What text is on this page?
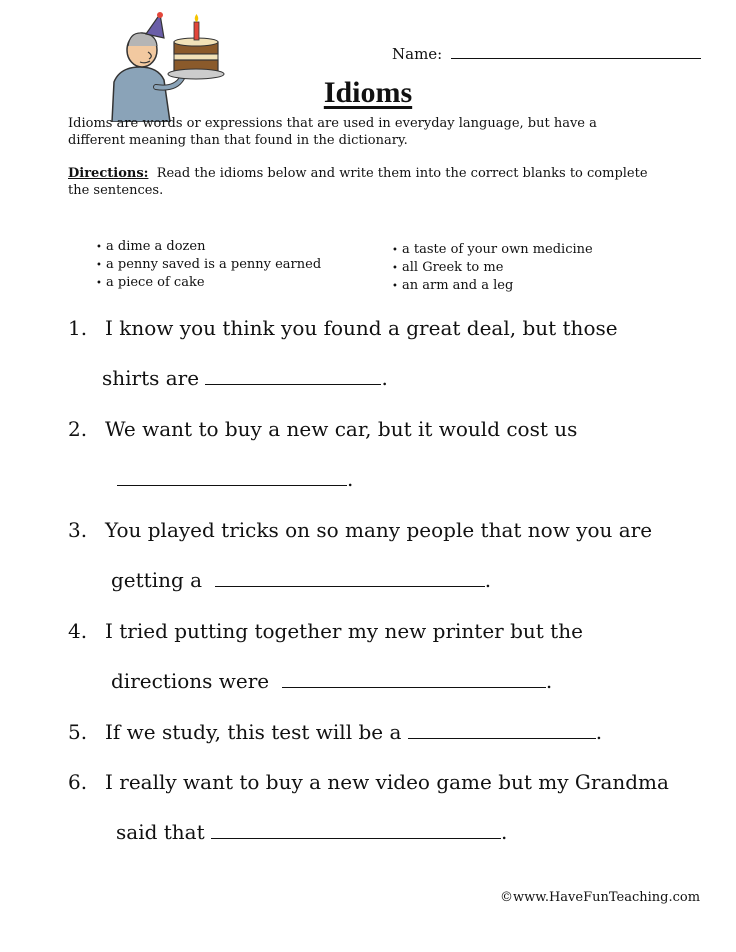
Name:
Idioms
Idioms are words or expressions that are used in everyday language, but have a different meaning than that found in the dictionary.
Directions: Read the idioms below and write them into the correct blanks to complete the sentences.
• a dime a dozen
• a penny saved is a penny earned
• a piece of cake
• a taste of your own medicine
• all Greek to me
• an arm and a leg
1. I know you think you found a great deal, but those
shirts are	.
2. We want to buy a new car, but it would cost us
.
3. You played tricks on so many people that now you are
getting a	.
4. I tried putting together my new printer but the
directions were	.
5. If we study, this test will be a	.
6. I really want to buy a new video game but my Grandma
said that	.
©www.HaveFunTeaching.com
